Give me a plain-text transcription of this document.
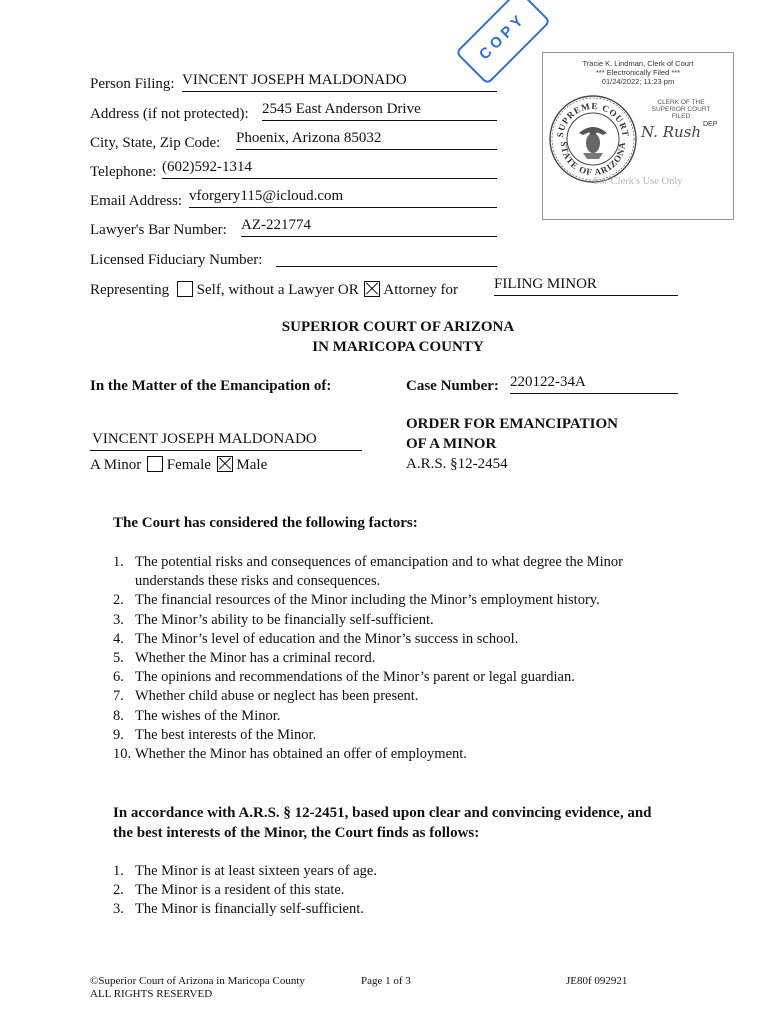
COPY
Tracie K. Lindman, Clerk of Court
*** Electronically Filed ***
01/24/2022; 11:23 pm
SUPREME COURT
STATE OF ARIZONA
CLERK OF THE SUPERIOR COURT FILED
N. Rush DEP
For Clerk's Use Only
Person Filing: VINCENT JOSEPH MALDONADO
Address (if not protected): 2545 East Anderson Drive
City, State, Zip Code: Phoenix, Arizona 85032
Telephone: (602)592-1314
Email Address: vforgery115@icloud.com
Lawyer's Bar Number: AZ-221774
Licensed Fiduciary Number:
Representing Self, without a Lawyer OR Attorney for FILING MINOR
SUPERIOR COURT OF ARIZONA
IN MARICOPA COUNTY
In the Matter of the Emancipation of:	Case Number: 220122-34A
VINCENT JOSEPH MALDONADO
A Minor Female Male
ORDER FOR EMANCIPATION
OF A MINOR
A.R.S. §12-2454
The Court has considered the following factors:
1. The potential risks and consequences of emancipation and to what degree the Minor
understands these risks and consequences.
2. The financial resources of the Minor including the Minor’s employment history.
3. The Minor’s ability to be financially self-sufficient.
4. The Minor’s level of education and the Minor’s success in school.
5. Whether the Minor has a criminal record.
6. The opinions and recommendations of the Minor’s parent or legal guardian.
7. Whether child abuse or neglect has been present.
8. The wishes of the Minor.
9. The best interests of the Minor.
10. Whether the Minor has obtained an offer of employment.
In accordance with A.R.S. § 12-2451, based upon clear and convincing evidence, and
the best interests of the Minor, the Court finds as follows:
1. The Minor is at least sixteen years of age.
2. The Minor is a resident of this state.
3. The Minor is financially self-sufficient.
©Superior Court of Arizona in Maricopa County
ALL RIGHTS RESERVED
Page 1 of 3	JE80f 092921
